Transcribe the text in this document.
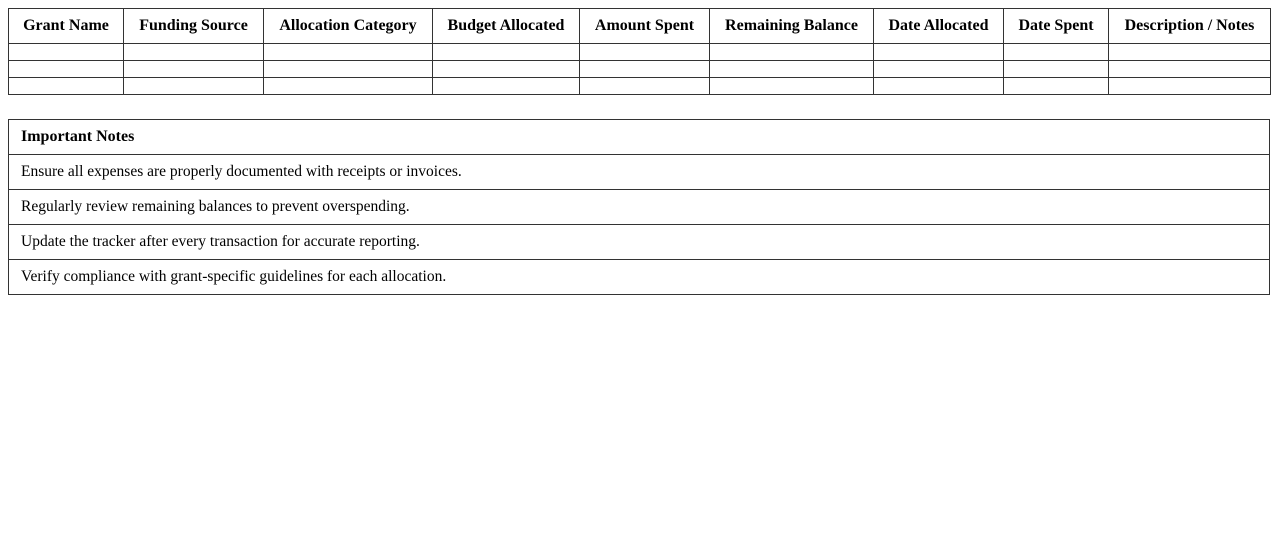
Grant Name	Funding Source	Allocation Category	Budget Allocated	Amount Spent	Remaining Balance	Date Allocated	Date Spent	Description / Notes

Important Notes
Ensure all expenses are properly documented with receipts or invoices.
Regularly review remaining balances to prevent overspending.
Update the tracker after every transaction for accurate reporting.
Verify compliance with grant-specific guidelines for each allocation.
